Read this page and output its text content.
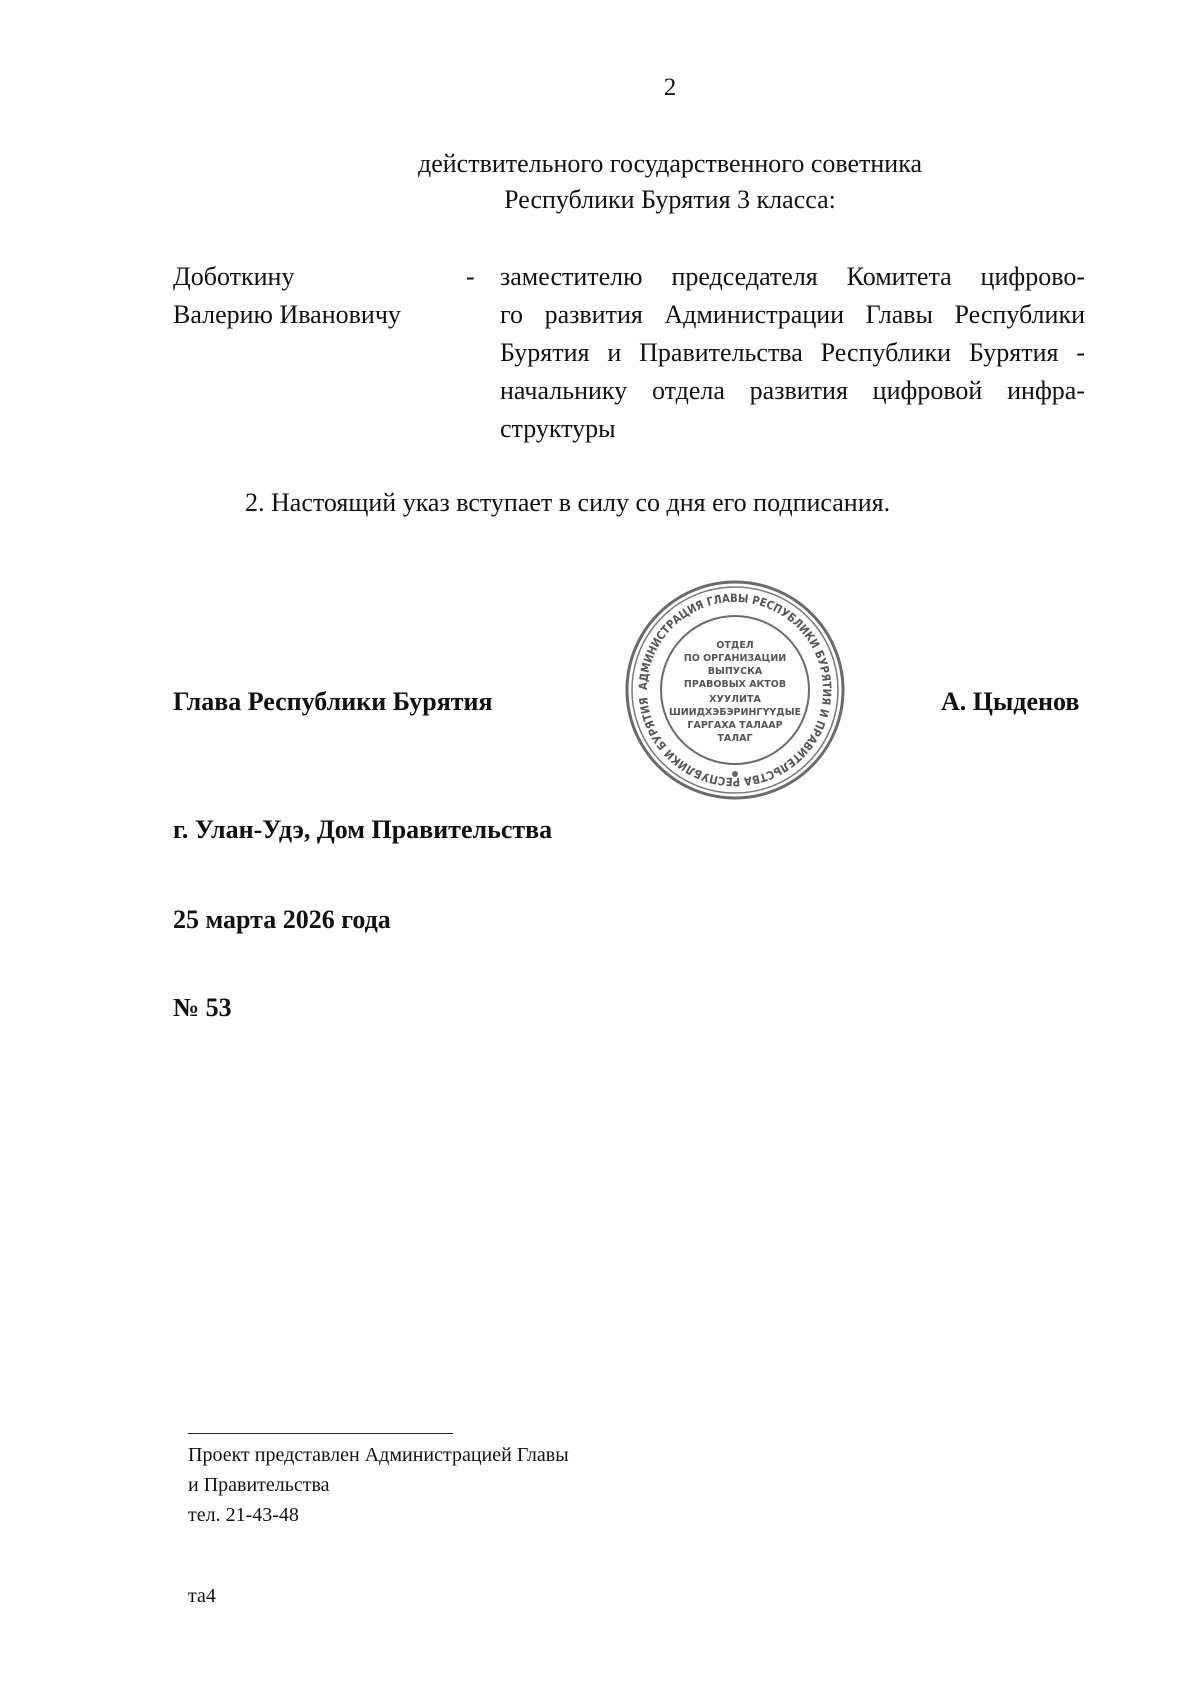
2
действительного государственного советника
Республики Бурятия 3 класса:
Доботкину
Валерию Ивановичу
- заместителю председателя Комитета цифрово-
го развития Администрации Главы Республики
Бурятия и Правительства Республики Бурятия -
начальнику отдела развития цифровой инфра-
структуры
2. Настоящий указ вступает в силу со дня его подписания.
Глава Республики Бурятия
АДМИНИСТРАЦИЯ ГЛАВЫ РЕСПУБЛИКИ БУРЯТИЯ И ПРАВИТЕЛЬСТВА РЕСПУБЛИКИ БУРЯТИЯ
ОТДЕЛ
ПО ОРГАНИЗАЦИИ
ВЫПУСКА
ПРАВОВЫХ АКТОВ
ХУУЛИТА
ШИИДХЭБЭРИНГҮҮДЫЕ
ГАРГАХА ТАЛААР
ТАЛАГ
А. Цыденов
г. Улан-Удэ, Дом Правительства
25 марта 2026 года
№ 53
Проект представлен Администрацией Главы
и Правительства
тел. 21-43-48
та4
